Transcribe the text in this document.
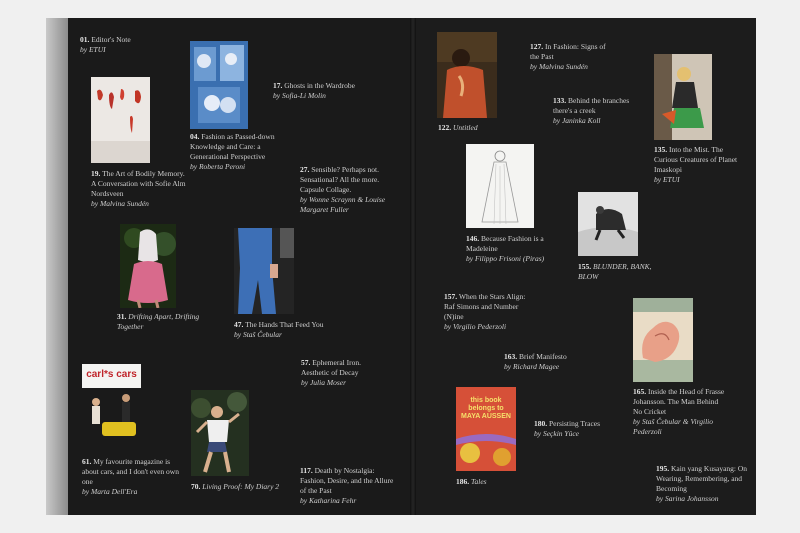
carl*s cars
this book belongs to MAYA AUSSEN
01. Editor's Note
by ETUI
04. Fashion as Passed-down Knowledge and Care: a Generational Perspective
by Roberta Peroni
17. Ghosts in the Wardrobe
by Sofia-Li Molin
19. The Art of Bodily Memory. A Conversation with Sofie Alm Nordsveen
by Malvina Sundén
27. Sensible? Perhaps not. Sensational? All the more. Capsule Collage.
by Wonne Scraynn & Louise Margaret Fuller
31. Drifting Apart, Drifting Together	47. The Hands That Feed You
by Staš Čebular
57. Ephemeral Iron. Aesthetic of Decay
by Julia Moser
61. My favourite magazine is about cars, and I don't even own one
by Marta Dell'Era
70. Living Proof: My Diary 2
117. Death by Nostalgia: Fashion, Desire, and the Allure of the Past
by Katharina Fehr
122. Untitled
127. In Fashion: Signs of the Past
by Malvina Sundén
133. Behind the branches there's a creek
by Janinka Koll
135. Into the Mist. The Curious Creatures of Planet Imaskopi
by ETUI
146. Because Fashion is a Madeleine
by Filippo Frisoni (Piras)
155. BLUNDER, BANK, BLOW
157. When the Stars Align: Raf Simons and Number (N)ine
by Virgilio Pederzoli
163. Brief Manifesto
by Richard Magee
165. Inside the Head of Frasse Johansson. The Man Behind No Cricket
by Staš Čebular & Virgilio Pederzoli
180. Persisting Traces
by Seçkin Yüce
186. Tales
195. Kain yang Kusayang: On Wearing, Remembering, and Becoming
by Sarina Johansson
